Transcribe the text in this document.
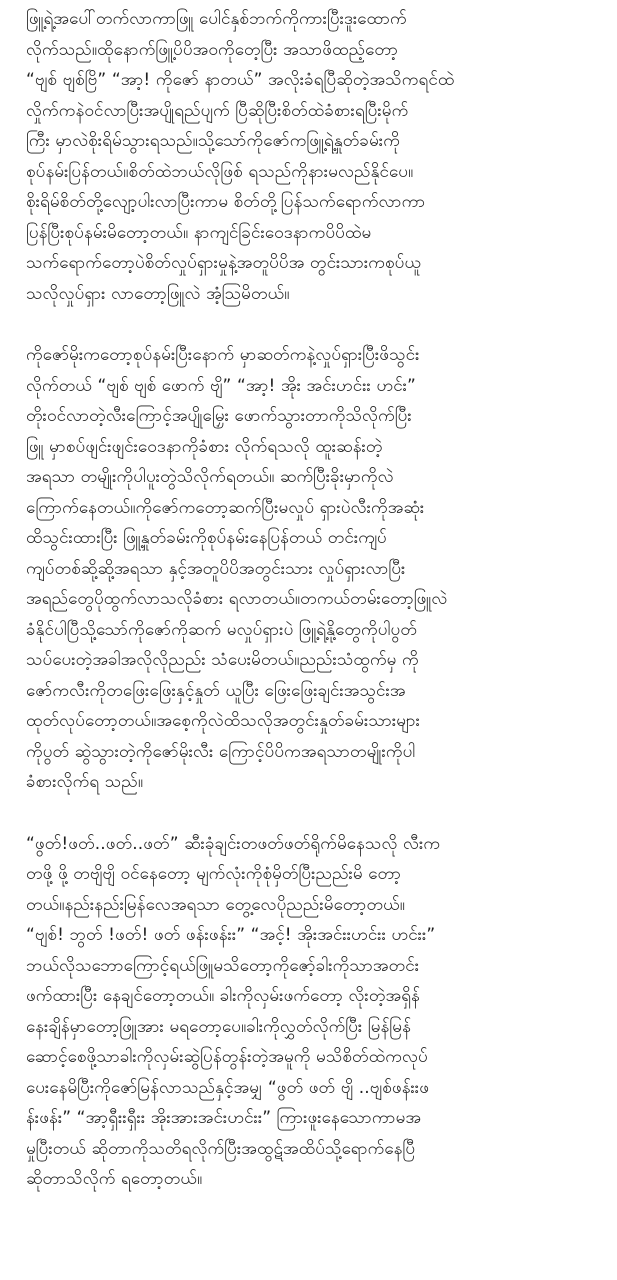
ဖြူ့ရဲ့အပေါ်တက်လာကာဖြူ ပေါင်နှစ်ဘက်ကိုကားပြီးဒူးထောက်
လိုက်သည်။ထိုနောက်ဖြူ့ပိပိအဝကိုတေ့ပြီး အသာဖိထည့်တော့
“ဗျစ် ဗျစ်ဗြိ” “အာ့! ကိုဇော် နာတယ်” အလိုးခံရပြီဆိုတဲ့အသိကရင်ထဲ
လှိုက်ကနဲဝင်လာပြီးအပျိုရည်ပျက် ပြီဆိုပြီးစိတ်ထဲခံစားရပြီးမိုက်
ကြီး မှာလဲစိုးရိမ်သွားရသည်။သို့သော်ကိုဇော်ကဖြူ့ရဲ့နှုတ်ခမ်းကို
စုပ်နမ်းပြန်တယ်။စိတ်ထဲဘယ်လိုဖြစ် ရသည်ကိုနားမလည်နိုင်ပေ။
စိုးရိမ်စိတ်တို့လျော့ပါးလာပြီးကာမ စိတ်တို့ပြန်သက်ရောက်လာကာ
ပြန်ပြီးစုပ်နမ်းမိတော့တယ်။ နာကျင်ခြင်းဝေဒနာကပိပိထဲမ
သက်ရောက်တော့ပဲစိတ်လှုပ်ရှားမှုနဲ့အတူပိပိအ တွင်းသားကစုပ်ယူ
သလိုလှုပ်ရှား လာတော့ဖြူလဲ အံ့သြမိတယ်။

ကိုဇော်မိုးကတော့စုပ်နမ်းပြီးနောက် မှာဆတ်ကနဲ့လှုပ်ရှားပြီးဖိသွင်း
လိုက်တယ် “ဗျစ် ဗျစ် ဖောက် ဗျိ” “အာ့! အိုး အင်းဟင်းး ဟင်း”
တိုးဝင်လာတဲ့လီးကြောင့်အပျိုမြှေး ဖောက်သွားတာကိုသိလိုက်ပြီး
ဖြူ မှာစပ်ဖျင်းဖျင်းဝေဒနာကိုခံစား လိုက်ရသလို ထူးဆန်းတဲ့
အရသာ တမျိုးကိုပါပူးတွဲသိလိုက်ရတယ်။ ဆက်ပြီးခိုးမှာကိုလဲ
ကြောက်နေတယ်။ကိုဇော်ကတော့ဆက်ပြီးမလှုပ် ရှားပဲလီးကိုအဆုံး
ထိသွင်းထားပြီး ဖြူ့နှုတ်ခမ်းကိုစုပ်နမ်းနေပြန်တယ် တင်းကျပ်
ကျပ်တစ်ဆို့ဆို့အရသာ နှင့်အတူပိပိအတွင်းသား လှုပ်ရှားလာပြီး
အရည်တွေပိုထွက်လာသလိုခံစား ရလာတယ်။တကယ်တမ်းတော့ဖြူလဲ
ခံနိုင်ပါပြီသို့သော်ကိုဇော်ကိုဆက် မလှုပ်ရှားပဲ ဖြူ့ရဲ့နို့တွေကိုပါပွတ်
သပ်ပေးတဲ့အခါအလိုလိုညည်း သံပေးမိတယ်။ညည်းသံထွက်မှ ကို
ဇော်ကလီးကိုတဖြေးဖြေးနှင့်နှုတ် ယူပြီး ဖြေးဖြေးချင်းအသွင်းအ
ထုတ်လုပ်တော့တယ်။အစေ့ကိုလဲထိသလိုအတွင်းနှုတ်ခမ်းသားများ
ကိုပွတ် ဆွဲသွားတဲ့ကိုဇော်မိုးလီး ကြောင့်ပိပိကအရသာတမျိုးကိုပါ
ခံစားလိုက်ရ သည်။

“ဖွတ်!ဖတ်..ဖတ်..ဖတ်” ဆီးခုံချင်းတဖတ်ဖတ်ရိုက်မိနေသလို လီးက
တဖို့ ဖို့ တဗျိဗျိ ဝင်နေတော့ မျက်လုံးကိုစုံမှိတ်ပြီးညည်းမိ တော့
တယ်။နည်းနည်းမြန်လေအရသာ တွေ့လေပိုညည်းမိတော့တယ်။
“ဗျစ်! ဘွတ် !ဖတ်! ဖတ် ဖန်းဖန်းး” “အင့်! အိုးအင်းးဟင်းး ဟင်းး”
ဘယ်လိုသဘောကြောင့်ရယ်ဖြူမသိတော့ကိုဇော့်ခါးကိုသာအတင်း
ဖက်ထားပြီး နေချင်တော့တယ်။ ခါးကိုလှမ်းဖက်တော့ လိုးတဲ့အရှိန်
နေးချိန်မှာတော့ဖြူအား မရတော့ပေ။ခါးကိုလွှတ်လိုက်ပြီး မြန်မြန်
ဆောင့်စေဖို့သာခါးကိုလှမ်းဆွဲပြန်တွန်းတဲ့အမူကို မသိစိတ်ထဲကလုပ်
ပေးနေမိပြီးကိုဇော်မြန်လာသည်နှင့်အမျှ “ဖွတ် ဖတ် ဗျိ ..ဗျစ်ဖန်းးဖ
န်းဖန်း” “အာ့ရှီးးရှီးး အိုးအားအင်းဟင်းး” ကြားဖူးနေသောကာမအ
မှုပြီးတယ် ဆိုတာကိုသတိရလိုက်ပြီးအထွဋ်အထိပ်သို့ရောက်နေပြီ
ဆိုတာသိလိုက် ရတော့တယ်။
